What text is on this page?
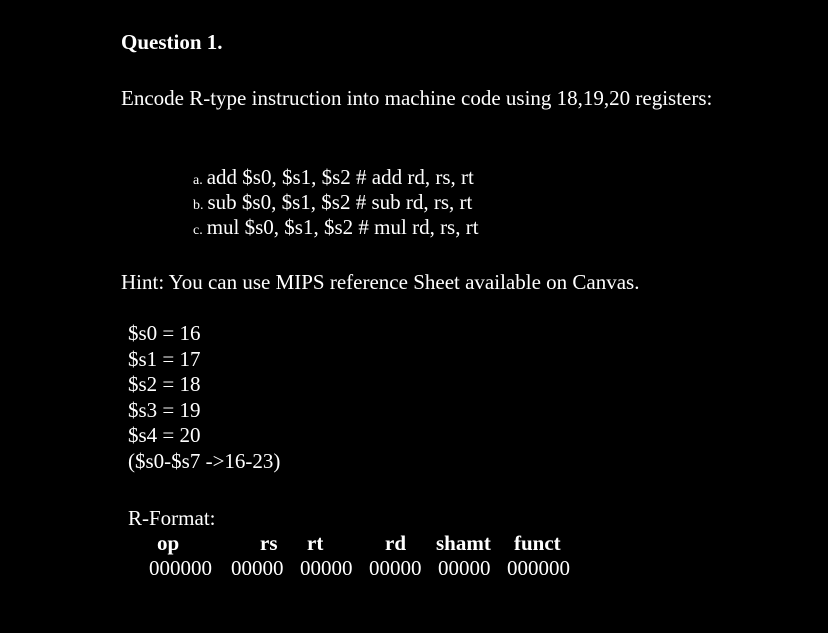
Question 1.
Encode R-type instruction into machine code using 18,19,20 registers:
a. add $s0, $s1, $s2 # add rd, rs, rt
b. sub $s0, $s1, $s2 # sub rd, rs, rt
c. mul $s0, $s1, $s2 # mul rd, rs, rt
Hint: You can use MIPS reference Sheet available on Canvas.
$s0 = 16
$s1 = 17
$s2 = 18
$s3 = 19
$s4 = 20
($s0-$s7 ->16-23)
R-Format:
op	rs rt	rd shamt funct
000000 00000 00000 00000 00000 000000
